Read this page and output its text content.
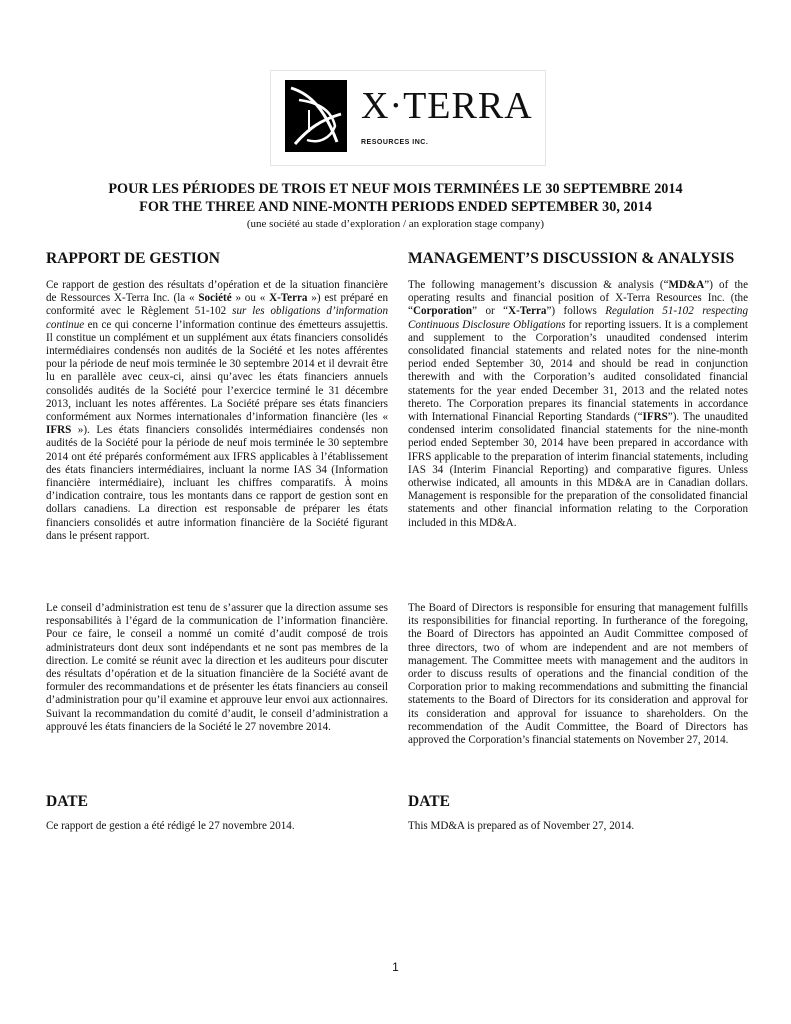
X·TERRA
RESOURCES INC.
POUR LES PÉRIODES DE TROIS ET NEUF MOIS TERMINÉES LE 30 SEPTEMBRE 2014
FOR THE THREE AND NINE-MONTH PERIODS ENDED SEPTEMBER 30, 2014
(une société au stade d’exploration / an exploration stage company)
RAPPORT DE GESTION

Ce rapport de gestion des résultats d’opération et de la situation financière de Ressources X-Terra Inc. (la « Société » ou « X-Terra ») est préparé en conformité avec le Règlement 51-102 sur les obligations d’information continue en ce qui concerne l’information continue des émetteurs assujettis. Il constitue un complément et un supplément aux états financiers consolidés intermédiaires condensés non audités de la Société et les notes afférentes pour la période de neuf mois terminée le 30 septembre 2014 et il devrait être lu en parallèle avec ceux-ci, ainsi qu’avec les états financiers annuels consolidés audités de la Société pour l’exercice terminé le 31 décembre 2013, incluant les notes afférentes. La Société prépare ses états financiers conformément aux Normes internationales d’information financière (les « IFRS »). Les états financiers consolidés intermédiaires condensés non audités de la Société pour la période de neuf mois terminée le 30 septembre 2014 ont été préparés conformément aux IFRS applicables à l’établissement des états financiers intermédiaires, incluant la norme IAS 34 (Information financière intermédiaire), incluant les chiffres comparatifs. À moins d’indication contraire, tous les montants dans ce rapport de gestion sont en dollars canadiens. La direction est responsable de préparer les états financiers consolidés et autre information financière de la Société figurant dans le présent rapport.

Le conseil d’administration est tenu de s’assurer que la direction assume ses responsabilités à l’égard de la communication de l’information financière. Pour ce faire, le conseil a nommé un comité d’audit composé de trois administrateurs dont deux sont indépendants et ne sont pas membres de la direction. Le comité se réunit avec la direction et les auditeurs pour discuter des résultats d’opération et de la situation financière de la Société avant de formuler des recommandations et de présenter les états financiers au conseil d’administration pour qu’il examine et approuve leur envoi aux actionnaires. Suivant la recommandation du comité d’audit, le conseil d’administration a approuvé les états financiers de la Société le 27 novembre 2014.

DATE

Ce rapport de gestion a été rédigé le 27 novembre 2014.

MANAGEMENT’S DISCUSSION & ANALYSIS

The following management’s discussion & analysis (“MD&A”) of the operating results and financial position of X-Terra Resources Inc. (the “Corporation” or “X-Terra”) follows Regulation 51-102 respecting Continuous Disclosure Obligations for reporting issuers. It is a complement and supplement to the Corporation’s unaudited condensed interim consolidated financial statements and related notes for the nine-month period ended September 30, 2014 and should be read in conjunction therewith and with the Corporation’s audited consolidated financial statements for the year ended December 31, 2013 and the related notes thereto. The Corporation prepares its financial statements in accordance with International Financial Reporting Standards (“IFRS”). The unaudited condensed interim consolidated financial statements for the nine-month period ended September 30, 2014 have been prepared in accordance with IFRS applicable to the preparation of interim financial statements, including IAS 34 (Interim Financial Reporting) and comparative figures. Unless otherwise indicated, all amounts in this MD&A are in Canadian dollars. Management is responsible for the preparation of the consolidated financial statements and other financial information relating to the Corporation included in this MD&A.

The Board of Directors is responsible for ensuring that management fulfills its responsibilities for financial reporting. In furtherance of the foregoing, the Board of Directors has appointed an Audit Committee composed of three directors, two of whom are independent and are not members of management. The Committee meets with management and the auditors in order to discuss results of operations and the financial condition of the Corporation prior to making recommendations and submitting the financial statements to the Board of Directors for its consideration and approval for its consideration and approval for issuance to shareholders. On the recommendation of the Audit Committee, the Board of Directors has approved the Corporation’s financial statements on November 27, 2014.

DATE

This MD&A is prepared as of November 27, 2014.

1
